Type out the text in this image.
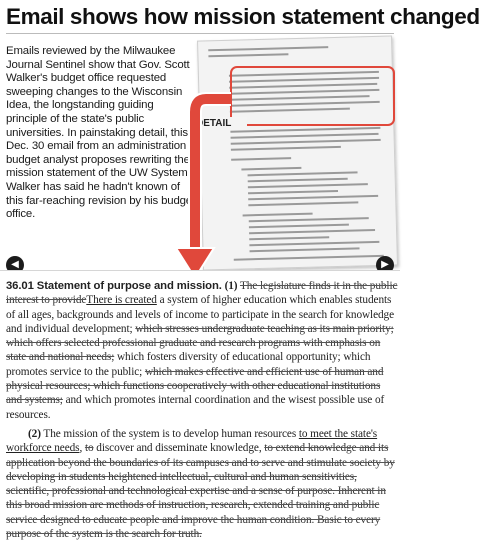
Email shows how mission statement changed
Emails reviewed by the Milwaukee Journal Sentinel show that Gov. Scott Walker's budget office requested sweeping changes to the Wisconsin Idea, the longstanding guiding principle of the state's public universities. In painstaking detail, this Dec. 30 email from an administration budget analyst proposes rewriting the mission statement of the UW System. Walker has said he hadn't known of this far-reaching revision by his budget office.
DETAIL
◀	▶

36.01 Statement of purpose and mission. (1) The legislature finds it in the public interest to provideThere is created a system of higher education which enables students of all ages, backgrounds and levels of income to participate in the search for knowledge and individual development; which stresses undergraduate teaching as its main priority; which offers selected professional graduate and research programs with emphasis on state and national needs; which fosters diversity of educational opportunity; which promotes service to the public; which makes effective and efficient use of human and physical resources; which functions cooperatively with other educational institutions and systems; and which promotes internal coordination and the wisest possible use of resources.

(2) The mission of the system is to develop human resources to meet the state's workforce needs, to discover and disseminate knowledge, to extend knowledge and its application beyond the boundaries of its campuses and to serve and stimulate society by developing in students heightened intellectual, cultural and human sensitivities, scientific, professional and technological expertise and a sense of purpose. Inherent in this broad mission are methods of instruction, research, extended training and public service designed to educate people and improve the human condition. Basic to every purpose of the system is the search for truth.
